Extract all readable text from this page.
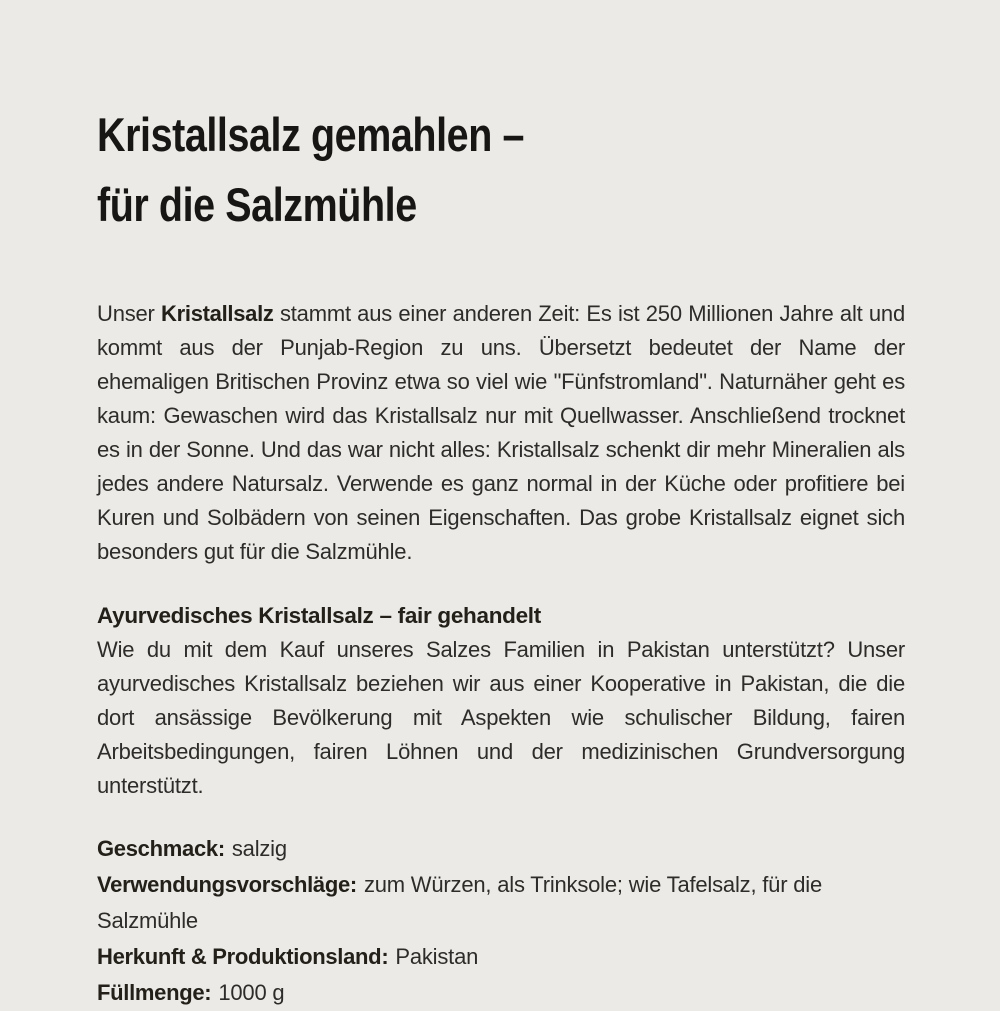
Kristallsalz gemahlen –
für die Salzmühle

Unser Kristallsalz stammt aus einer anderen Zeit: Es ist 250 Millionen Jahre alt und kommt aus der Punjab-Region zu uns. Übersetzt bedeutet der Name der ehemaligen Britischen Provinz etwa so viel wie "Fünfstromland". Naturnäher geht es kaum: Gewaschen wird das Kristallsalz nur mit Quellwasser. Anschließend trocknet es in der Sonne. Und das war nicht alles: Kristallsalz schenkt dir mehr Mineralien als jedes andere Natursalz. Verwende es ganz normal in der Küche oder profitiere bei Kuren und Solbädern von seinen Eigenschaften. Das grobe Kristallsalz eignet sich besonders gut für die Salzmühle.

Ayurvedisches Kristallsalz – fair gehandelt

Wie du mit dem Kauf unseres Salzes Familien in Pakistan unterstützt? Unser ayurvedisches Kristallsalz beziehen wir aus einer Kooperative in Pakistan, die die dort ansässige Bevölkerung mit Aspekten wie schulischer Bildung, fairen Arbeitsbedingungen, fairen Löhnen und der medizinischen Grundversorgung unterstützt.

Geschmack: salzig
Verwendungsvorschläge: zum Würzen, als Trinksole; wie Tafelsalz, für die Salzmühle
Herkunft & Produktionsland: Pakistan
Füllmenge: 1000 g
